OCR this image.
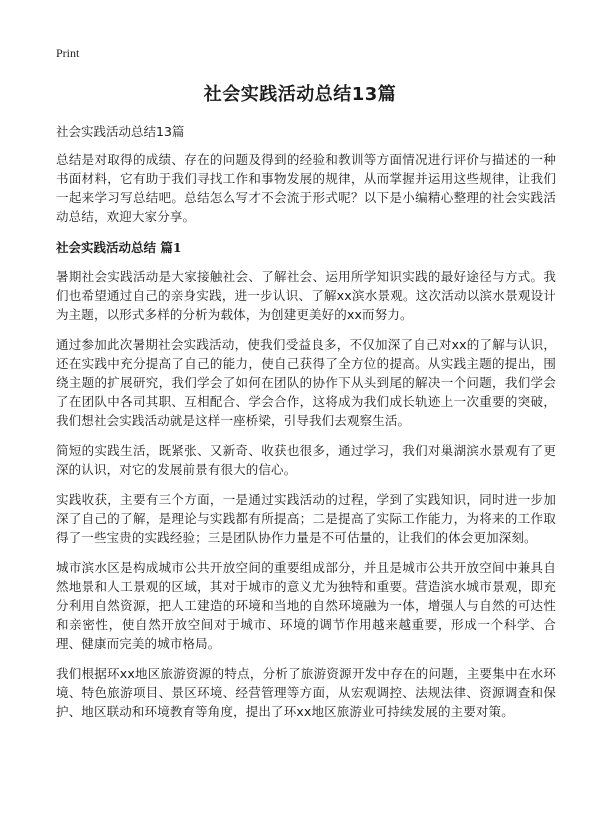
Print
社会实践活动总结13篇

社会实践活动总结13篇

总结是对取得的成绩、存在的问题及得到的经验和教训等方面情况进行评价与描述的一种书面材料，它有助于我们寻找工作和事物发展的规律，从而掌握并运用这些规律，让我们一起来学习写总结吧。总结怎么写才不会流于形式呢？以下是小编精心整理的社会实践活动总结，欢迎大家分享。

社会实践活动总结 篇1

暑期社会实践活动是大家接触社会、了解社会、运用所学知识实践的最好途径与方式。我们也希望通过自己的亲身实践，进一步认识、了解xx滨水景观。这次活动以滨水景观设计为主题，以形式多样的分析为载体，为创建更美好的xx而努力。

通过参加此次暑期社会实践活动，使我们受益良多，不仅加深了自己对xx的了解与认识，还在实践中充分提高了自己的能力，使自己获得了全方位的提高。从实践主题的提出，围绕主题的扩展研究，我们学会了如何在团队的协作下从头到尾的解决一个问题，我们学会了在团队中各司其职、互相配合、学会合作，这将成为我们成长轨迹上一次重要的突破，我们想社会实践活动就是这样一座桥梁，引导我们去观察生活。

简短的实践生活，既紧张、又新奇、收获也很多，通过学习，我们对巢湖滨水景观有了更深的认识，对它的发展前景有很大的信心。

实践收获，主要有三个方面，一是通过实践活动的过程，学到了实践知识，同时进一步加深了自己的了解，是理论与实践都有所提高；二是提高了实际工作能力，为将来的工作取得了一些宝贵的实践经验；三是团队协作力量是不可估量的，让我们的体会更加深刻。

城市滨水区是构成城市公共开放空间的重要组成部分，并且是城市公共开放空间中兼具自然地景和人工景观的区域，其对于城市的意义尤为独特和重要。营造滨水城市景观，即充分利用自然资源，把人工建造的环境和当地的自然环境融为一体，增强人与自然的可达性和亲密性，使自然开放空间对于城市、环境的调节作用越来越重要，形成一个科学、合理、健康而完美的城市格局。

我们根据环xx地区旅游资源的特点，分析了旅游资源开发中存在的问题，主要集中在水环境、特色旅游项目、景区环境、经营管理等方面，从宏观调控、法规法律、资源调查和保护、地区联动和环境教育等角度，提出了环xx地区旅游业可持续发展的主要对策。
